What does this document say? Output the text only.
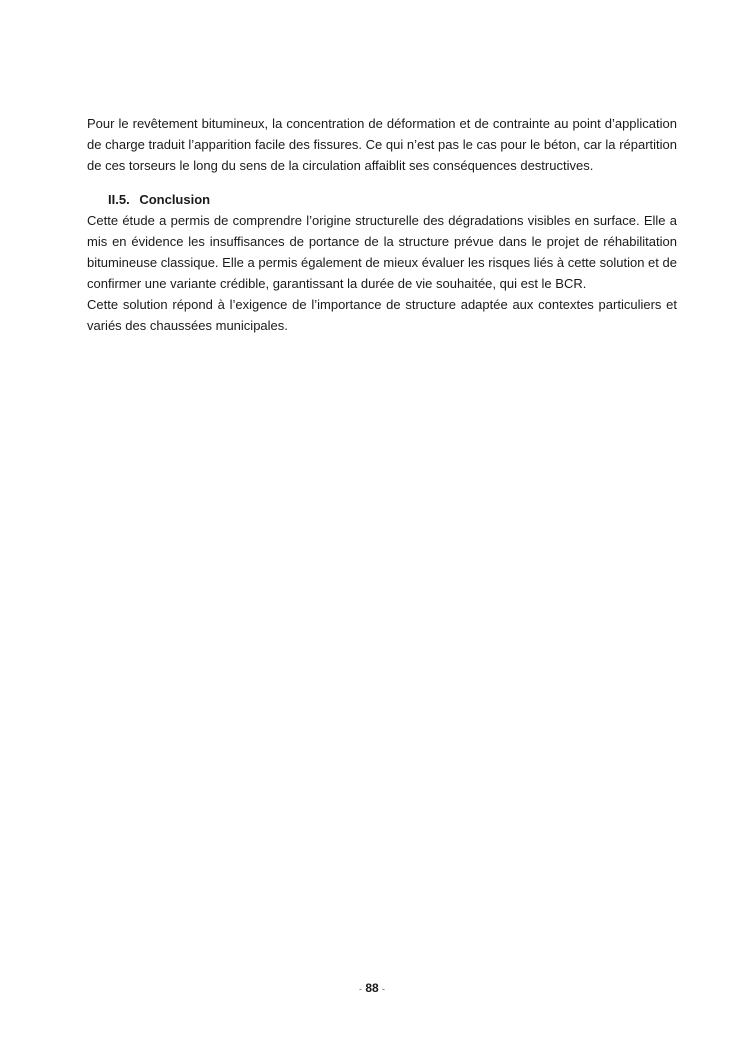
Pour le revêtement bitumineux, la concentration de déformation et de contrainte au point d’application de charge traduit l’apparition facile des fissures. Ce qui n’est pas le cas pour le béton, car la répartition de ces torseurs le long du sens de la circulation affaiblit ses conséquences destructives.

II.5. Conclusion

Cette étude a permis de comprendre l’origine structurelle des dégradations visibles en surface. Elle a mis en évidence les insuffisances de portance de la structure prévue dans le projet de réhabilitation bitumineuse classique. Elle a permis également de mieux évaluer les risques liés à cette solution et de confirmer une variante crédible, garantissant la durée de vie souhaitée, qui est le BCR.

Cette solution répond à l’exigence de l’importance de structure adaptée aux contextes particuliers et variés des chaussées municipales.

- 88 -
